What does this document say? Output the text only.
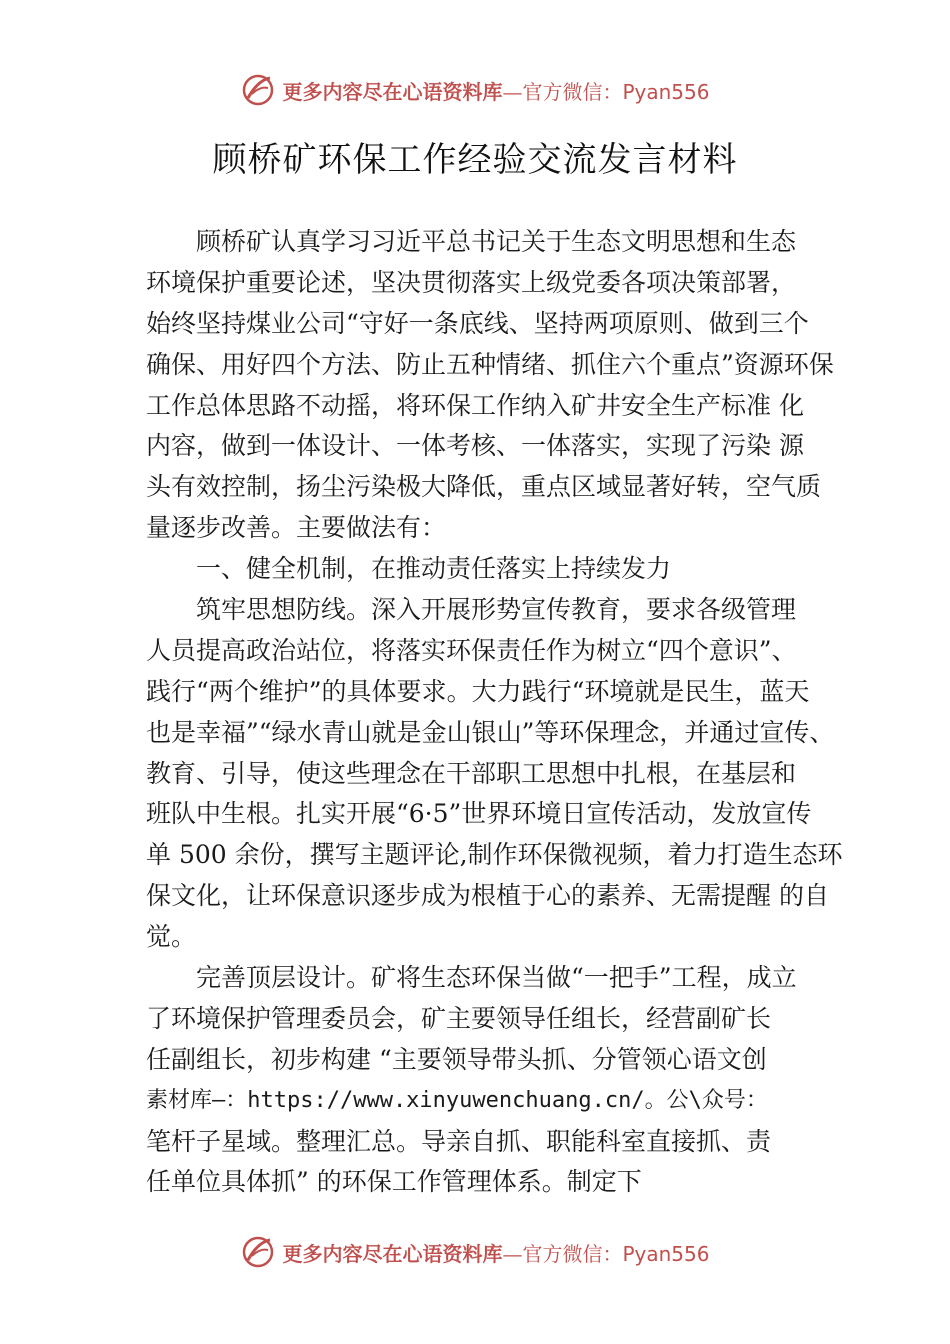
更多内容尽在心语资料库—官方微信：Pyan556
顾桥矿环保工作经验交流发言材料
顾桥矿认真学习习近平总书记关于生态文明思想和生态
环境保护重要论述，坚决贯彻落实上级党委各项决策部署，
始终坚持煤业公司“守好一条底线、坚持两项原则、做到三个
确保、用好四个方法、防止五种情绪、抓住六个重点”资源环保
工作总体思路不动摇，将环保工作纳入矿井安全生产标准 化
内容，做到一体设计、一体考核、一体落实，实现了污染 源
头有效控制，扬尘污染极大降低，重点区域显著好转，空气质
量逐步改善。主要做法有：
一、健全机制，在推动责任落实上持续发力
筑牢思想防线。深入开展形势宣传教育，要求各级管理
人员提高政治站位，将落实环保责任作为树立“四个意识”、
践行“两个维护”的具体要求。大力践行“环境就是民生，蓝天
也是幸福”“绿水青山就是金山银山”等环保理念，并通过宣传、
教育、引导，使这些理念在干部职工思想中扎根，在基层和
班队中生根。扎实开展“6·5”世界环境日宣传活动，发放宣传
单 500 余份，撰写主题评论,制作环保微视频，着力打造生态环
保文化，让环保意识逐步成为根植于心的素养、无需提醒 的自
觉。
完善顶层设计。矿将生态环保当做“一把手”工程，成立
了环境保护管理委员会，矿主要领导任组长，经营副矿长
任副组长，初步构建 “主要领导带头抓、分管领心语文创
素材库—：https://www.xinyuwenchuang.cn/。公\众号：
笔杆子星域。整理汇总。导亲自抓、职能科室直接抓、责
任单位具体抓” 的环保工作管理体系。制定下
更多内容尽在心语资料库—官方微信：Pyan556
